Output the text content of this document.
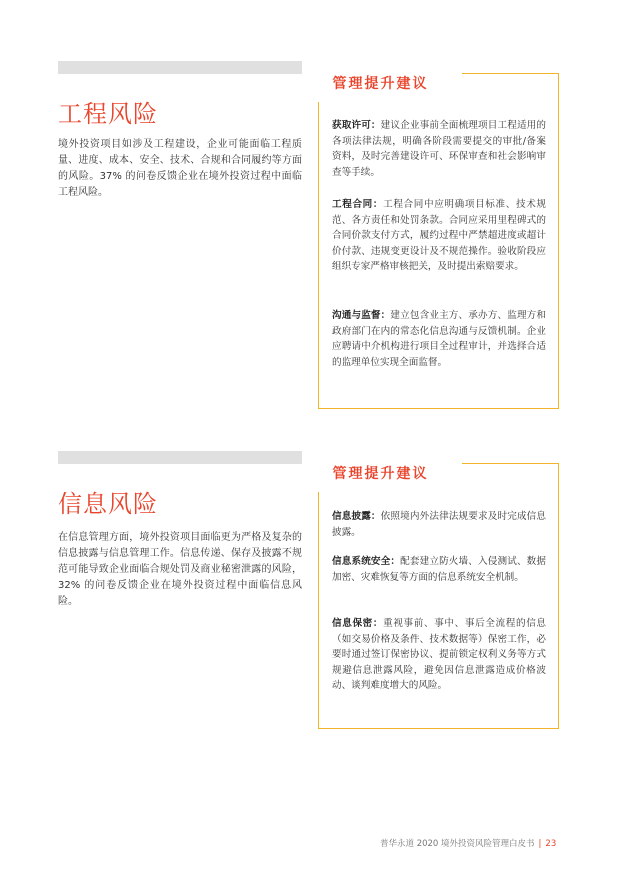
工程风险

境外投资项目如涉及工程建设，企业可能面临工程质量、进度、成本、安全、技术、合规和合同履约等方面的风险。37% 的问卷反馈企业在境外投资过程中面临工程风险。

管理提升建议

获取许可：建议企业事前全面梳理项目工程适用的各项法律法规，明确各阶段需要提交的审批/备案资料，及时完善建设许可、环保审查和社会影响审查等手续。

工程合同：工程合同中应明确项目标准、技术规范、各方责任和处罚条款。合同应采用里程碑式的合同价款支付方式，履约过程中严禁超进度或超计价付款、违规变更设计及不规范操作。验收阶段应组织专家严格审核把关，及时提出索赔要求。

沟通与监督：建立包含业主方、承办方、监理方和政府部门在内的常态化信息沟通与反馈机制。企业应聘请中介机构进行项目全过程审计，并选择合适的监理单位实现全面监督。

信息风险

在信息管理方面，境外投资项目面临更为严格及复杂的信息披露与信息管理工作。信息传递、保存及披露不规范可能导致企业面临合规处罚及商业秘密泄露的风险，32% 的问卷反馈企业在境外投资过程中面临信息风险。

管理提升建议

信息披露：依照境内外法律法规要求及时完成信息披露。

信息系统安全：配套建立防火墙、入侵测试、数据加密、灾难恢复等方面的信息系统安全机制。

信息保密：重视事前、事中、事后全流程的信息（如交易价格及条件、技术数据等）保密工作，必要时通过签订保密协议、提前锁定权利义务等方式规避信息泄露风险，避免因信息泄露造成价格波动、谈判难度增大的风险。

普华永道 2020 境外投资风险管理白皮书 | 23
